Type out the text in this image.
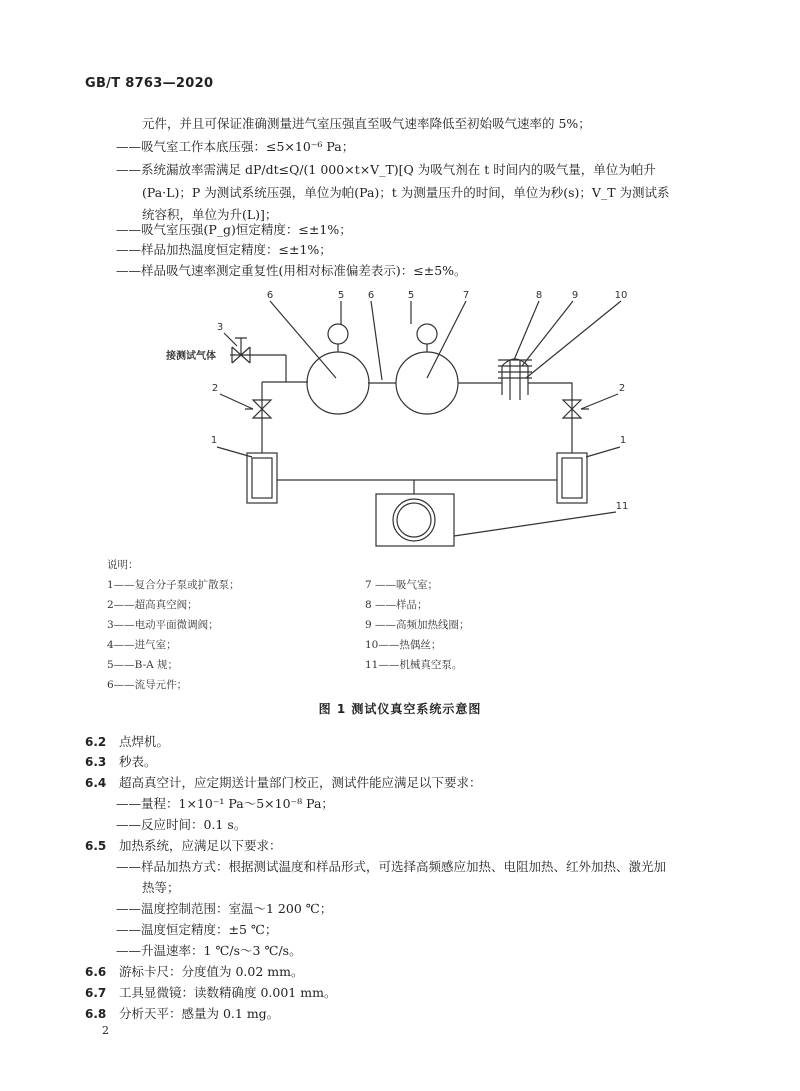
GB/T 8763—2020
元件，并且可保证准确测量进气室压强直至吸气速率降低至初始吸气速率的 5%；
——吸气室工作本底压强：≤5×10⁻⁶ Pa；
——系统漏放率需满足 dP/dt≤Q/(1 000×t×V_T)[Q 为吸气剂在 t 时间内的吸气量，单位为帕升
(Pa·L)；P 为测试系统压强，单位为帕(Pa)；t 为测量压升的时间，单位为秒(s)；V_T 为测试系
统容积，单位为升(L)]；
——吸气室压强(P_g)恒定精度：≤±1%；
——样品加热温度恒定精度：≤±1%；
——样品吸气速率测定重复性(用相对标准偏差表示)：≤±5%。
6	5 6	5	7	8	9	10
3
2	2
1	1
11
接测试气体
说明：
1——复合分子泵或扩散泵；
2——超高真空阀；
3——电动平面微调阀；
4——进气室；
5——B-A 规；
6——流导元件；
7 ——吸气室；
8 ——样品；
9 ——高频加热线圈；
10——热偶丝；
11——机械真空泵。
图 1 测试仪真空系统示意图
6.2 点焊机。
6.3 秒表。
6.4 超高真空计，应定期送计量部门校正，测试件能应满足以下要求：
——量程：1×10⁻¹ Pa～5×10⁻⁸ Pa；
——反应时间：0.1 s。
6.5 加热系统，应满足以下要求：
——样品加热方式：根据测试温度和样品形式，可选择高频感应加热、电阻加热、红外加热、激光加
热等；
——温度控制范围：室温～1 200 ℃；
——温度恒定精度：±5 ℃；
——升温速率：1 ℃/s～3 ℃/s。
6.6 游标卡尺：分度值为 0.02 mm。
6.7 工具显微镜：读数精确度 0.001 mm。
6.8 分析天平：感量为 0.1 mg。
2
